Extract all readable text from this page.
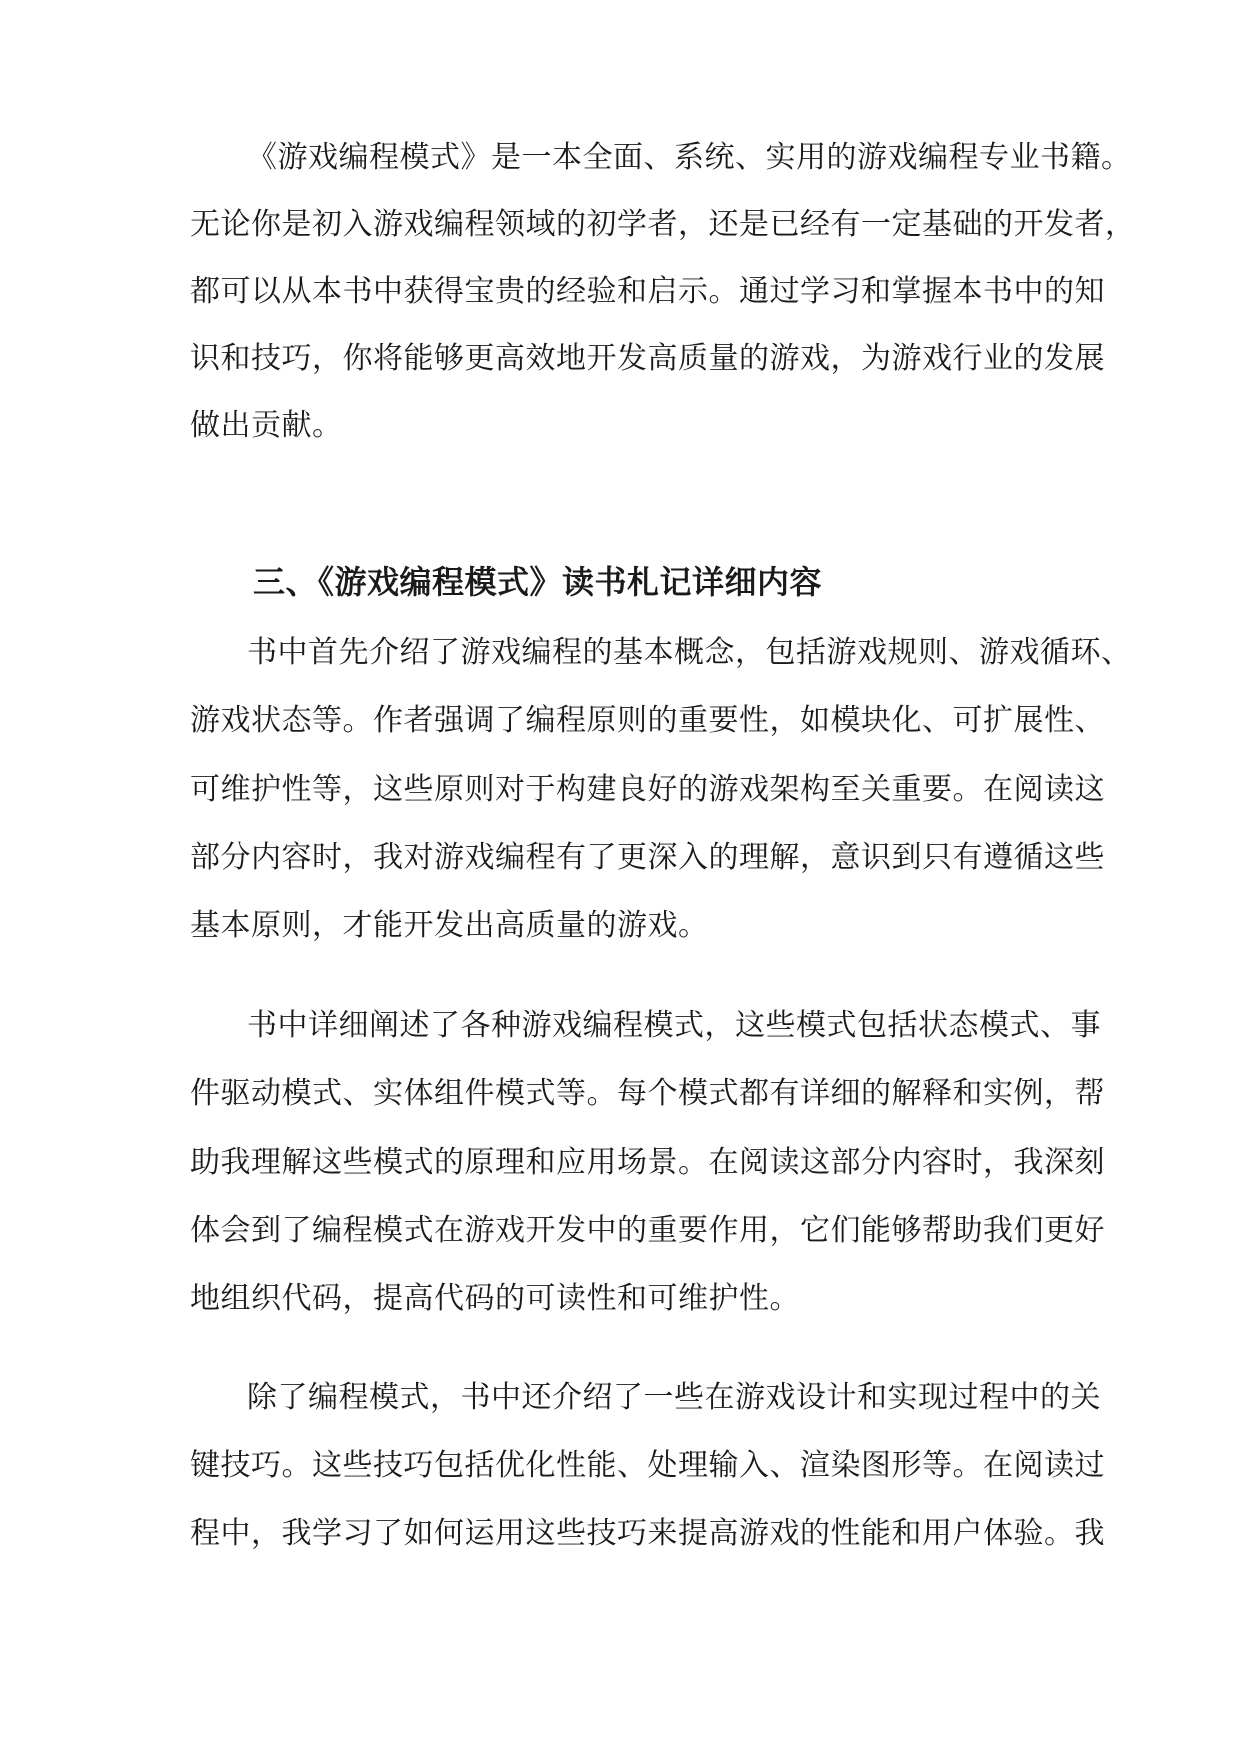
《游戏编程模式》是一本全面、系统、实用的游戏编程专业书籍。
无论你是初入游戏编程领域的初学者，还是已经有一定基础的开发者，
都可以从本书中获得宝贵的经验和启示。通过学习和掌握本书中的知
识和技巧，你将能够更高效地开发高质量的游戏，为游戏行业的发展
做出贡献。
三、《游戏编程模式》读书札记详细内容
书中首先介绍了游戏编程的基本概念，包括游戏规则、游戏循环、
游戏状态等。作者强调了编程原则的重要性，如模块化、可扩展性、
可维护性等，这些原则对于构建良好的游戏架构至关重要。在阅读这
部分内容时，我对游戏编程有了更深入的理解，意识到只有遵循这些
基本原则，才能开发出高质量的游戏。
书中详细阐述了各种游戏编程模式，这些模式包括状态模式、事
件驱动模式、实体组件模式等。每个模式都有详细的解释和实例，帮
助我理解这些模式的原理和应用场景。在阅读这部分内容时，我深刻
体会到了编程模式在游戏开发中的重要作用，它们能够帮助我们更好
地组织代码，提高代码的可读性和可维护性。
除了编程模式，书中还介绍了一些在游戏设计和实现过程中的关
键技巧。这些技巧包括优化性能、处理输入、渲染图形等。在阅读过
程中，我学习了如何运用这些技巧来提高游戏的性能和用户体验。我
